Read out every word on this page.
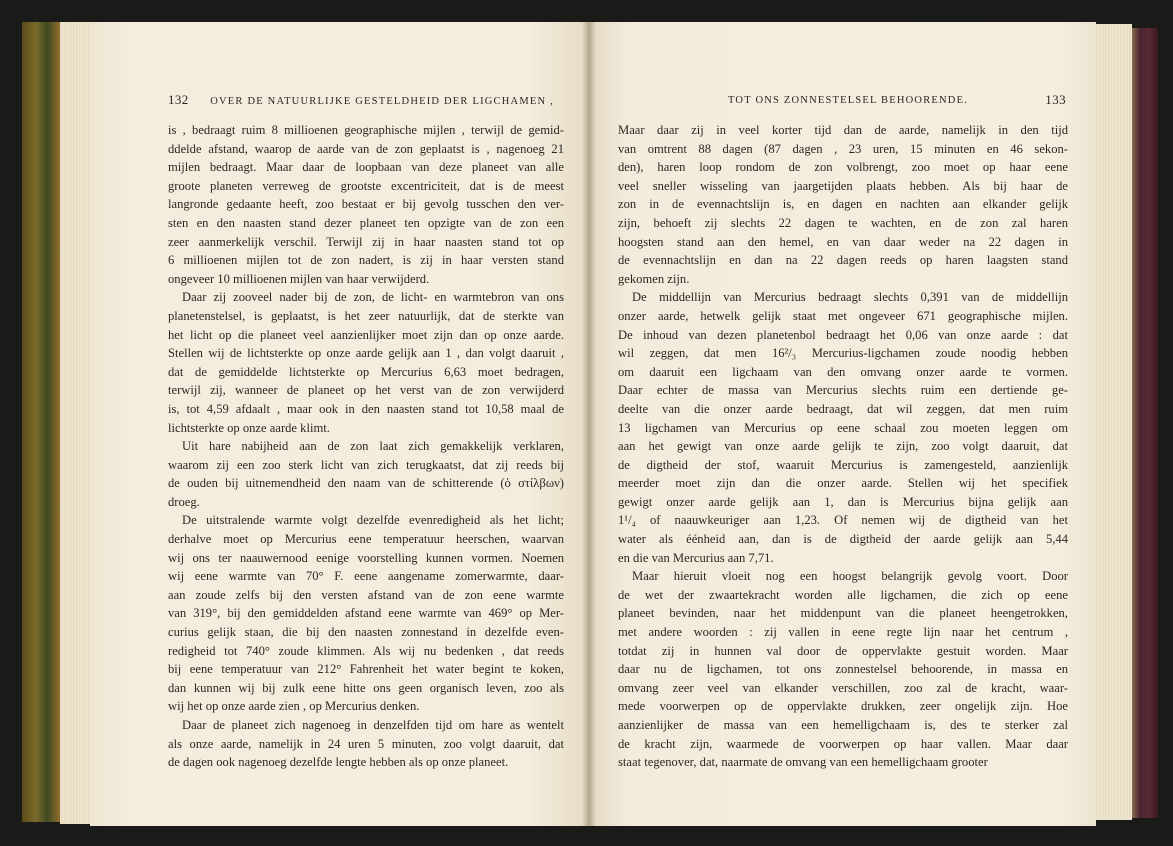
132 OVER DE NATUURLIJKE GESTELDHEID DER LIGCHAMEN ,

is , bedraagt ruim 8 millioenen geographische mijlen , terwijl de gemid-

ddelde afstand, waarop de aarde van de zon geplaatst is , nagenoeg 21

mijlen bedraagt. Maar daar de loopbaan van deze planeet van alle

groote planeten verreweg de grootste excentriciteit, dat is de meest

langronde gedaante heeft, zoo bestaat er bij gevolg tusschen den ver-

sten en den naasten stand dezer planeet ten opzigte van de zon een

zeer aanmerkelijk verschil. Terwijl zij in haar naasten stand tot op

6 millioenen mijlen tot de zon nadert, is zij in haar versten stand

ongeveer 10 millioenen mijlen van haar verwijderd.

Daar zij zooveel nader bij de zon, de licht- en warmtebron van ons

planetenstelsel, is geplaatst, is het zeer natuurlijk, dat de sterkte van

het licht op die planeet veel aanzienlijker moet zijn dan op onze aarde.

Stellen wij de lichtsterkte op onze aarde gelijk aan 1 , dan volgt daaruit ,

dat de gemiddelde lichtsterkte op Mercurius 6,63 moet bedragen,

terwijl zij, wanneer de planeet op het verst van de zon verwijderd

is, tot 4,59 afdaalt , maar ook in den naasten stand tot 10,58 maal de

lichtsterkte op onze aarde klimt.

Uit hare nabijheid aan de zon laat zich gemakkelijk verklaren,

waarom zij een zoo sterk licht van zich terugkaatst, dat zij reeds bij

de ouden bij uitnemendheid den naam van de schitterende (ὁ στίλβων)

droeg.

De uitstralende warmte volgt dezelfde evenredigheid als het licht;

derhalve moet op Mercurius eene temperatuur heerschen, waarvan

wij ons ter naauwernood eenige voorstelling kunnen vormen. Noemen

wij eene warmte van 70° F. eene aangename zomerwarmte, daar-

aan zoude zelfs bij den versten afstand van de zon eene warmte

van 319°, bij den gemiddelden afstand eene warmte van 469° op Mer-

curius gelijk staan, die bij den naasten zonnestand in dezelfde even-

redigheid tot 740° zoude klimmen. Als wij nu bedenken , dat reeds

bij eene temperatuur van 212° Fahrenheit het water begint te koken,

dan kunnen wij bij zulk eene hitte ons geen organisch leven, zoo als

wij het op onze aarde zien , op Mercurius denken.

Daar de planeet zich nagenoeg in denzelfden tijd om hare as wentelt

als onze aarde, namelijk in 24 uren 5 minuten, zoo volgt daaruit, dat

de dagen ook nagenoeg dezelfde lengte hebben als op onze planeet.

TOT ONS ZONNESTELSEL BEHOORENDE.	133

Maar daar zij in veel korter tijd dan de aarde, namelijk in den tijd

van omtrent 88 dagen (87 dagen , 23 uren, 15 minuten en 46 sekon-

den), haren loop rondom de zon volbrengt, zoo moet op haar eene

veel sneller wisseling van jaargetijden plaats hebben. Als bij haar de

zon in de evennachtslijn is, en dagen en nachten aan elkander gelijk

zijn, behoeft zij slechts 22 dagen te wachten, en de zon zal haren

hoogsten stand aan den hemel, en van daar weder na 22 dagen in

de evennachtslijn en dan na 22 dagen reeds op haren laagsten stand

gekomen zijn.

De middellijn van Mercurius bedraagt slechts 0,391 van de middellijn

onzer aarde, hetwelk gelijk staat met ongeveer 671 geographische mijlen.

De inhoud van dezen planetenbol bedraagt het 0,06 van onze aarde : dat

wil zeggen, dat men 16²/₃ Mercurius-ligchamen zoude noodig hebben

om daaruit een ligchaam van den omvang onzer aarde te vormen.

Daar echter de massa van Mercurius slechts ruim een dertiende ge-

deelte van die onzer aarde bedraagt, dat wil zeggen, dat men ruim

13 ligchamen van Mercurius op eene schaal zou moeten leggen om

aan het gewigt van onze aarde gelijk te zijn, zoo volgt daaruit, dat

de digtheid der stof, waaruit Mercurius is zamengesteld, aanzienlijk

meerder moet zijn dan die onzer aarde. Stellen wij het specifiek

gewigt onzer aarde gelijk aan 1, dan is Mercurius bijna gelijk aan

1¹/₄ of naauwkeuriger aan 1,23. Of nemen wij de digtheid van het

water als éénheid aan, dan is de digtheid der aarde gelijk aan 5,44

en die van Mercurius aan 7,71.

Maar hieruit vloeit nog een hoogst belangrijk gevolg voort. Door

de wet der zwaartekracht worden alle ligchamen, die zich op eene

planeet bevinden, naar het middenpunt van die planeet heengetrokken,

met andere woorden : zij vallen in eene regte lijn naar het centrum ,

totdat zij in hunnen val door de oppervlakte gestuit worden. Maar

daar nu de ligchamen, tot ons zonnestelsel behoorende, in massa en

omvang zeer veel van elkander verschillen, zoo zal de kracht, waar-

mede voorwerpen op de oppervlakte drukken, zeer ongelijk zijn. Hoe

aanzienlijker de massa van een hemelligchaam is, des te sterker zal

de kracht zijn, waarmede de voorwerpen op haar vallen. Maar daar

staat tegenover, dat, naarmate de omvang van een hemelligchaam grooter
